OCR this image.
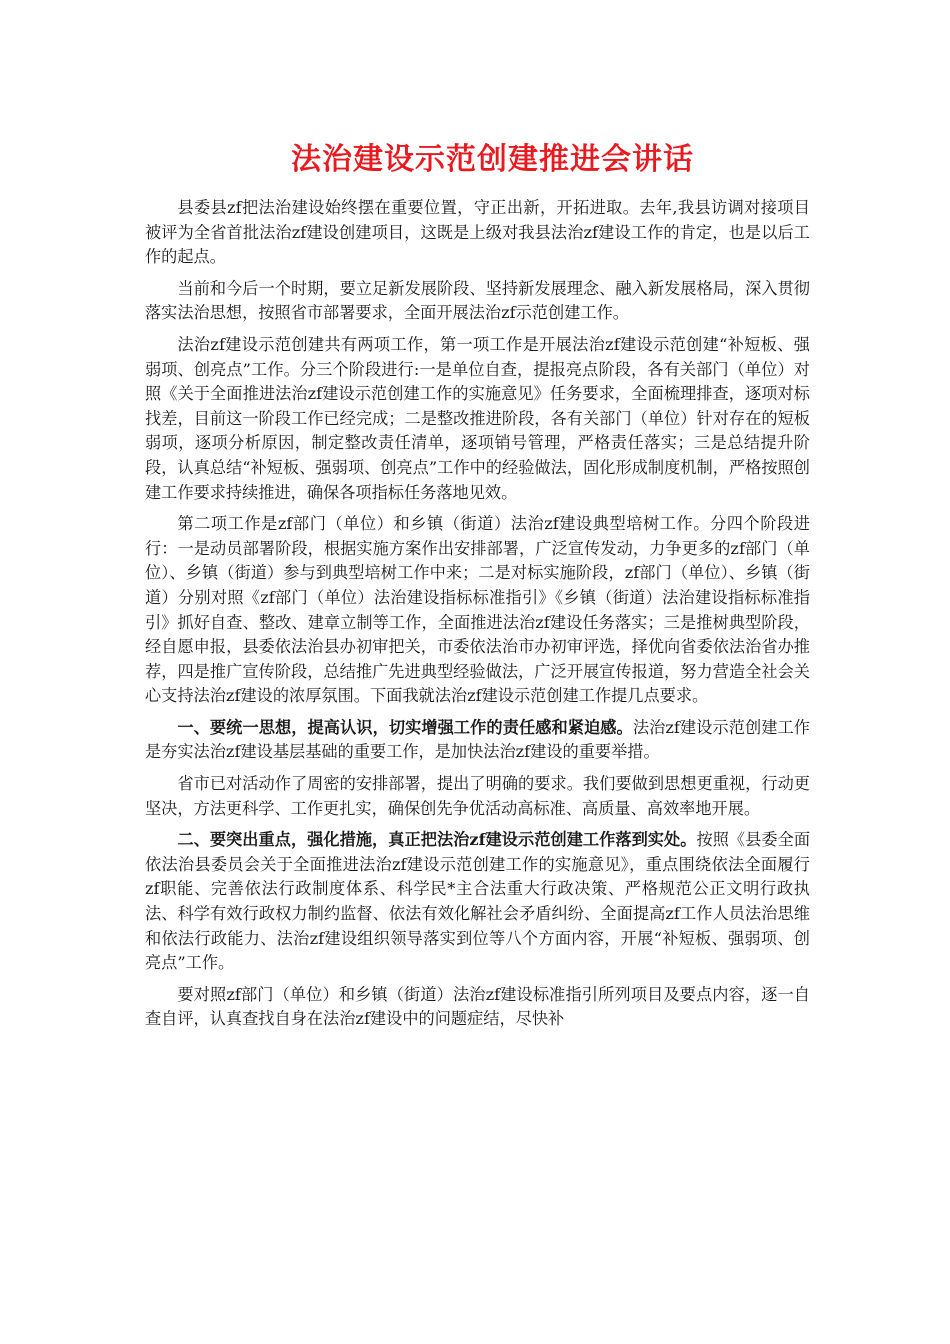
法治建设示范创建推进会讲话

县委县zf把法治建设始终摆在重要位置，守正出新，开拓进取。去年,我县访调对接项目被评为全省首批法治zf建设创建项目，这既是上级对我县法治zf建设工作的肯定，也是以后工作的起点。

当前和今后一个时期，要立足新发展阶段、坚持新发展理念、融入新发展格局，深入贯彻落实法治思想，按照省市部署要求，全面开展法治zf示范创建工作。

法治zf建设示范创建共有两项工作，第一项工作是开展法治zf建设示范创建“补短板、强弱项、创亮点”工作。分三个阶段进行:一是单位自查，提报亮点阶段，各有关部门（单位）对照《关于全面推进法治zf建设示范创建工作的实施意见》任务要求，全面梳理排查，逐项对标找差，目前这一阶段工作已经完成；二是整改推进阶段，各有关部门（单位）针对存在的短板弱项，逐项分析原因，制定整改责任清单，逐项销号管理，严格责任落实；三是总结提升阶段，认真总结“补短板、强弱项、创亮点”工作中的经验做法，固化形成制度机制，严格按照创建工作要求持续推进，确保各项指标任务落地见效。

第二项工作是zf部门（单位）和乡镇（街道）法治zf建设典型培树工作。分四个阶段进行：一是动员部署阶段，根据实施方案作出安排部署，广泛宣传发动，力争更多的zf部门（单位）、乡镇（街道）参与到典型培树工作中来；二是对标实施阶段，zf部门（单位）、乡镇（街道）分别对照《zf部门（单位）法治建设指标标准指引》《乡镇（街道）法治建设指标标准指引》抓好自查、整改、建章立制等工作，全面推进法治zf建设任务落实；三是推树典型阶段，经自愿申报，县委依法治县办初审把关，市委依法治市办初审评选，择优向省委依法治省办推荐，四是推广宣传阶段，总结推广先进典型经验做法，广泛开展宣传报道，努力营造全社会关心支持法治zf建设的浓厚氛围。下面我就法治zf建设示范创建工作提几点要求。

一、要统一思想，提高认识，切实增强工作的责任感和紧迫感。法治zf建设示范创建工作是夯实法治zf建设基层基础的重要工作，是加快法治zf建设的重要举措。

省市已对活动作了周密的安排部署，提出了明确的要求。我们要做到思想更重视，行动更坚决，方法更科学、工作更扎实，确保创先争优活动高标准、高质量、高效率地开展。

二、要突出重点，强化措施，真正把法治zf建设示范创建工作落到实处。按照《县委全面依法治县委员会关于全面推进法治zf建设示范创建工作的实施意见》，重点围绕依法全面履行zf职能、完善依法行政制度体系、科学民*主合法重大行政决策、严格规范公正文明行政执法、科学有效行政权力制约监督、依法有效化解社会矛盾纠纷、全面提高zf工作人员法治思维和依法行政能力、法治zf建设组织领导落实到位等八个方面内容，开展“补短板、强弱项、创亮点”工作。

要对照zf部门（单位）和乡镇（街道）法治zf建设标准指引所列项目及要点内容，逐一自查自评，认真查找自身在法治zf建设中的问题症结，尽快补
